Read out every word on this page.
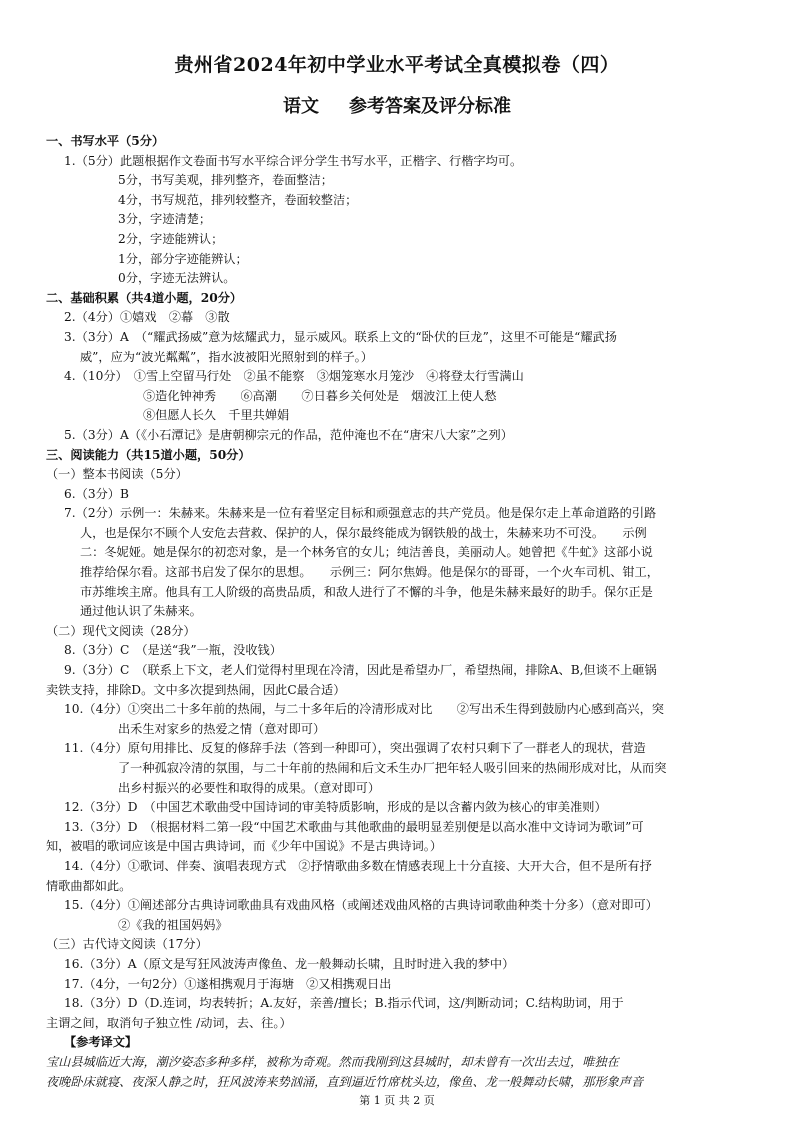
贵州省2024年初中学业水平考试全真模拟卷（四）
语文 参考答案及评分标准
一、书写水平（5分）
1.（5分）此题根据作文卷面书写水平综合评分学生书写水平，正楷字、行楷字均可。
5分，书写美观，排列整齐，卷面整洁；
4分，书写规范，排列较整齐，卷面较整洁；
3分，字迹清楚；
2分，字迹能辨认；
1分，部分字迹能辨认；
0分，字迹无法辨认。
二、基础积累（共4道小题，20分）
2.（4分）①嬉戏　②幕　③散
3.（3分）A　（“耀武扬威”意为炫耀武力，显示威风。联系上文的“卧伏的巨龙”，这里不可能是“耀武扬
威”，应为“波光粼粼”，指水波被阳光照射到的样子。）
4.（10分）　①雪上空留马行处　②虽不能察　③烟笼寒水月笼沙　④将登太行雪满山
⑤造化钟神秀　　⑥高潮　　⑦日暮乡关何处是　烟波江上使人愁
⑧但愿人长久　千里共婵娟
5.（3分）A（《小石潭记》是唐朝柳宗元的作品，范仲淹也不在“唐宋八大家”之列）
三、阅读能力（共15道小题，50分）
（一）整本书阅读（5分）
6.（3分）B
7.（2分）示例一：朱赫来。朱赫来是一位有着坚定目标和顽强意志的共产党员。他是保尔走上革命道路的引路
人，也是保尔不顾个人安危去营救、保护的人，保尔最终能成为钢铁般的战士，朱赫来功不可没。　　示例
二：冬妮娅。她是保尔的初恋对象，是一个林务官的女儿；纯洁善良，美丽动人。她曾把《牛虻》这部小说
推荐给保尔看。这部书启发了保尔的思想。　　示例三：阿尔焦姆。他是保尔的哥哥，一个火车司机、钳工，
市苏维埃主席。他具有工人阶级的高贵品质，和敌人进行了不懈的斗争，他是朱赫来最好的助手。保尔正是
通过他认识了朱赫来。
（二）现代文阅读（28分）
8.（3分）C　（是送“我”一瓶，没收钱）
9.（3分）C　（联系上下文，老人们觉得村里现在冷清，因此是希望办厂，希望热闹，排除A、B,但谈不上砸锅
卖铁支持，排除D。文中多次提到热闹，因此C最合适）
10.（4分）①突出二十多年前的热闹，与二十多年后的冷清形成对比　　②写出禾生得到鼓励内心感到高兴，突
出禾生对家乡的热爱之情（意对即可）
11.（4分）原句用排比、反复的修辞手法（答到一种即可），突出强调了农村只剩下了一群老人的现状，营造
了一种孤寂冷清的氛围，与二十年前的热闹和后文禾生办厂把年轻人吸引回来的热闹形成对比，从而突
出乡村振兴的必要性和取得的成果。（意对即可）
12.（3分）D　（中国艺术歌曲受中国诗词的审美特质影响，形成的是以含蓄内敛为核心的审美准则）
13.（3分）D　（根据材料二第一段“中国艺术歌曲与其他歌曲的最明显差别便是以高水准中文诗词为歌词”可
知，被唱的歌词应该是中国古典诗词，而《少年中国说》不是古典诗词。）
14.（4分）①歌词、伴奏、演唱表现方式　②抒情歌曲多数在情感表现上十分直接、大开大合，但不是所有抒
情歌曲都如此。
15.（4分）①阐述部分古典诗词歌曲具有戏曲风格（或阐述戏曲风格的古典诗词歌曲种类十分多）（意对即可）
②《我的祖国妈妈》
（三）古代诗文阅读（17分）
16.（3分）A（原文是写狂风波涛声像鱼、龙一般舞动长啸，且时时进入我的梦中）
17.（4分，一句2分）①遂相携观月于海塘　②又相携观日出
18.（3分）D（D.连词，均表转折；A.友好，亲善/擅长；B.指示代词，这/判断动词；C.结构助词，用于
主谓之间，取消句子独立性 /动词，去、往。）
【参考译文】
宝山县城临近大海，潮汐姿态多种多样，被称为奇观。然而我刚到这县城时，却未曾有一次出去过，唯独在
夜晚卧床就寝、夜深人静之时，狂风波涛来势汹涌，直到逼近竹席枕头边，像鱼、龙一般舞动长啸，那形象声音
第 1 页 共 2 页
